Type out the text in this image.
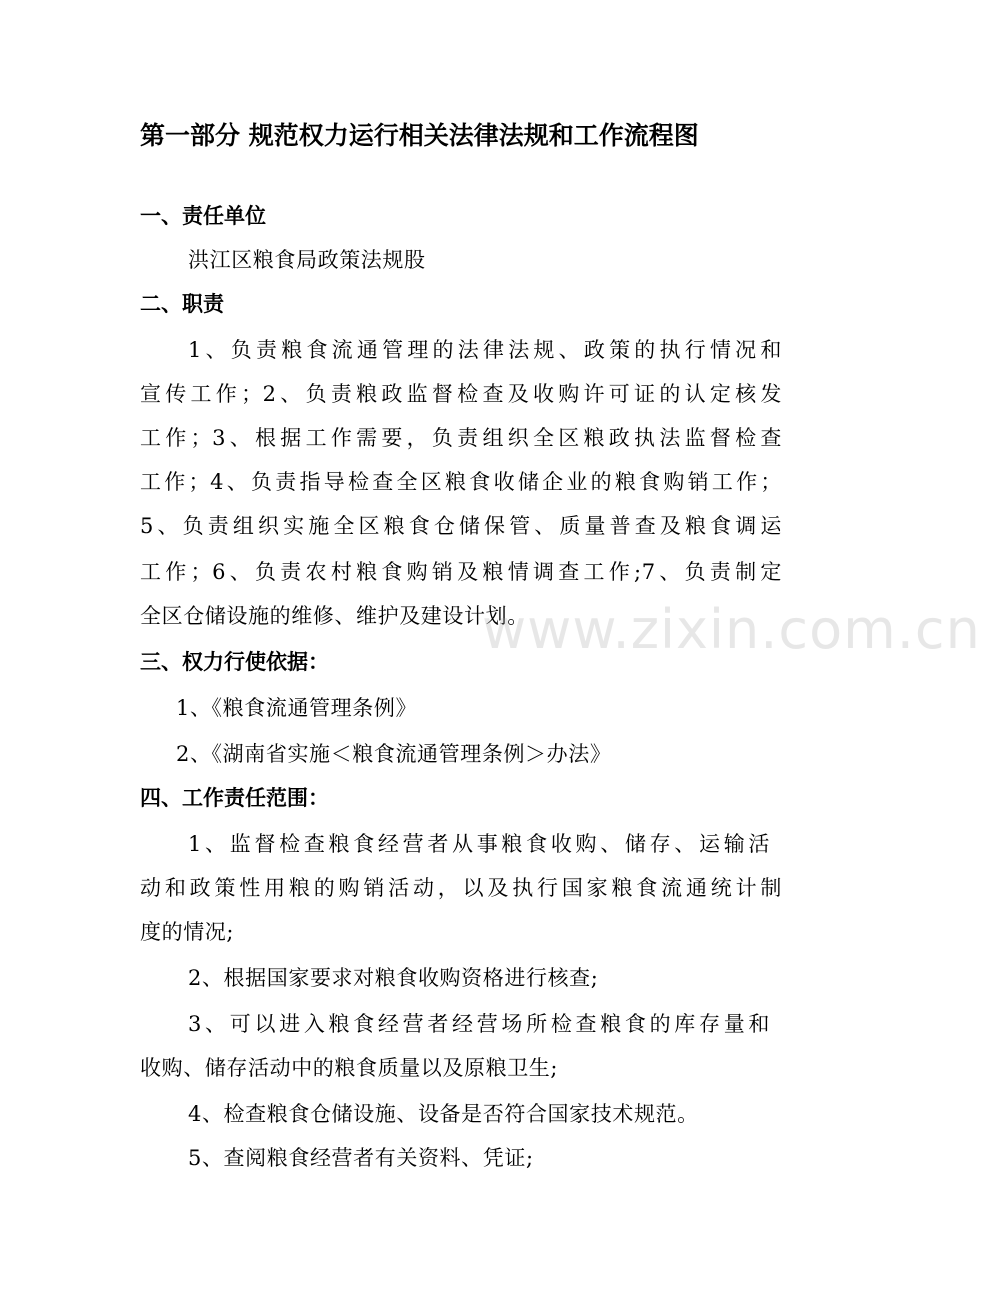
第一部分 规范权力运行相关法律法规和工作流程图
一、责任单位
洪江区粮食局政策法规股
二、职责
1、负责粮食流通管理的法律法规、政策的执行情况和
宣传工作；2、负责粮政监督检查及收购许可证的认定核发
工作；3、根据工作需要，负责组织全区粮政执法监督检查
工作；4、负责指导检查全区粮食收储企业的粮食购销工作；
5、负责组织实施全区粮食仓储保管、质量普查及粮食调运
工作；6、负责农村粮食购销及粮情调查工作;7、负责制定
全区仓储设施的维修、维护及建设计划。
三、权力行使依据：
1、《粮食流通管理条例》
2、《湖南省实施＜粮食流通管理条例＞办法》
四、工作责任范围：
1、监督检查粮食经营者从事粮食收购、储存、运输活
动和政策性用粮的购销活动，以及执行国家粮食流通统计制
度的情况;
2、根据国家要求对粮食收购资格进行核查;
3、可以进入粮食经营者经营场所检查粮食的库存量和
收购、储存活动中的粮食质量以及原粮卫生;
4、检查粮食仓储设施、设备是否符合国家技术规范。
5、查阅粮食经营者有关资料、凭证;
www.zixin.com.cn
